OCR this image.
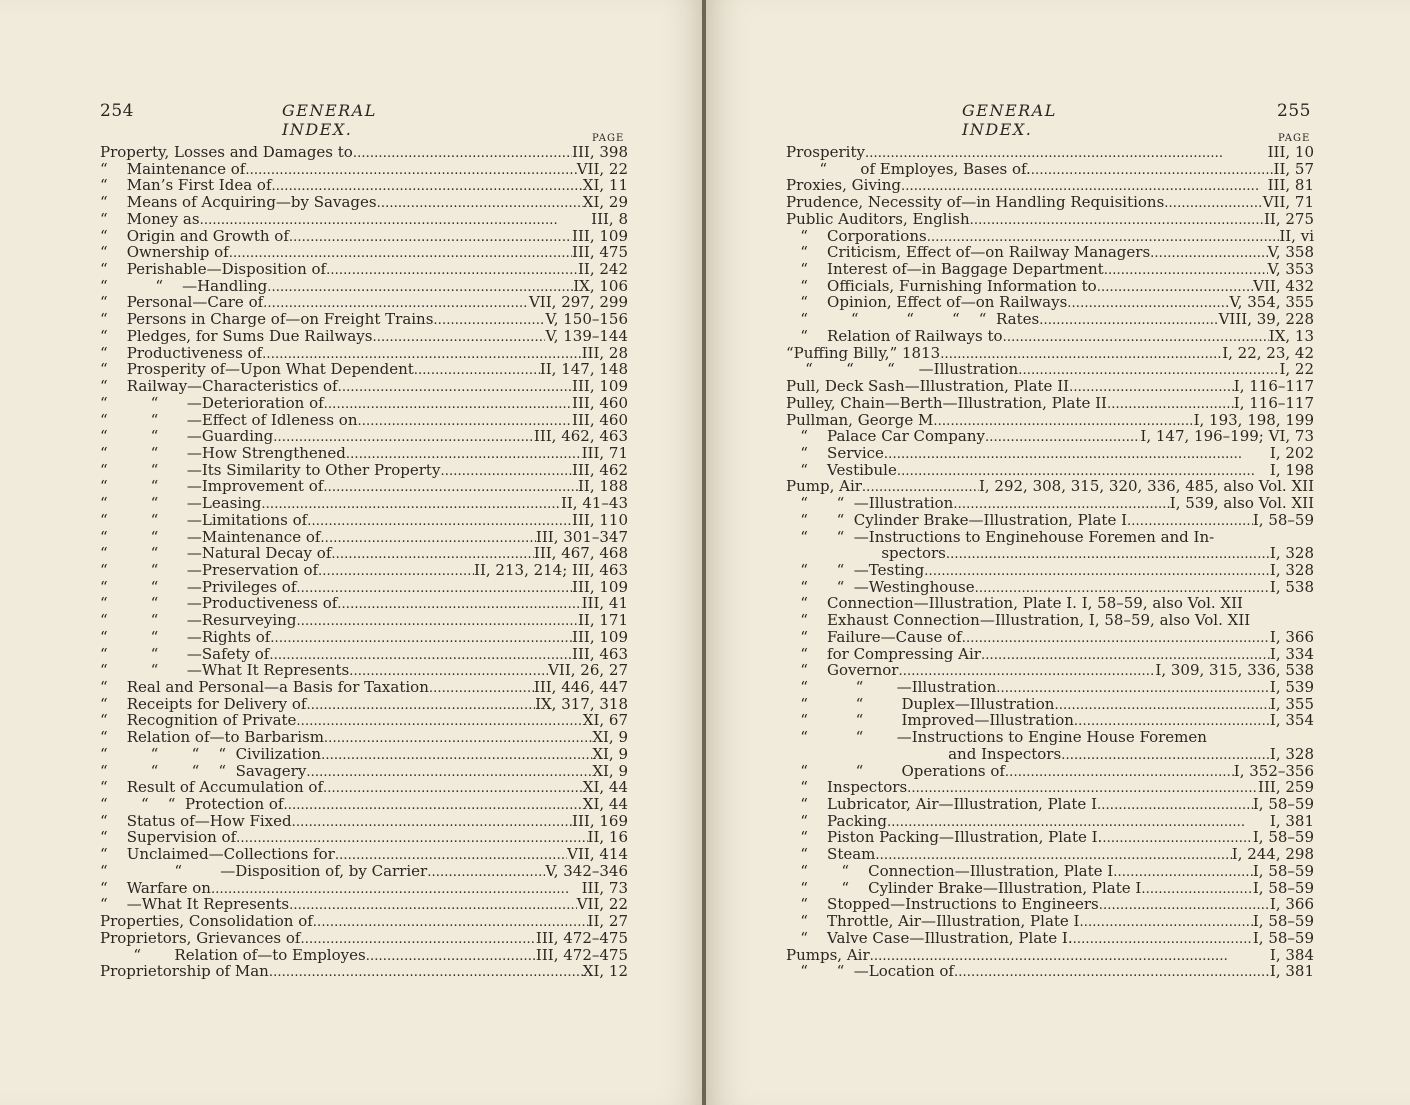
254	GENERAL INDEX.	PAGE
Property, Losses and Damages to . . .	III, 398
“    Maintenance of . . .	VII, 22
“    Man’s First Idea of . . .	XI, 11
“    Means of Acquiring—by Savages . . .	XI, 29
“    Money as . . .	III, 8
“    Origin and Growth of . . .	III, 109
“    Ownership of . . .	III, 475
“    Perishable—Disposition of . . .	II, 242
“          “    —Handling . . .	IX, 106
“    Personal—Care of . . .	VII, 297, 299
“    Persons in Charge of—on Freight Trains . . .	V, 150–156
“    Pledges, for Sums Due Railways . . .	V, 139–144
“    Productiveness of . . .	III, 28
“    Prosperity of—Upon What Dependent . . .	II, 147, 148
“    Railway—Characteristics of . . .	III, 109
“         “      —Deterioration of . . .	III, 460
“         “      —Effect of Idleness on . . .	III, 460
“         “      —Guarding . . .	III, 462, 463
“         “      —How Strengthened . . .	III, 71
“         “      —Its Similarity to Other Property . . .	III, 462
“         “      —Improvement of . . .	II, 188
“         “      —Leasing . . .	II, 41–43
“         “      —Limitations of . . .	III, 110
“         “      —Maintenance of . . .	III, 301–347
“         “      —Natural Decay of . . .	III, 467, 468
“         “      —Preservation of . . .	II, 213, 214; III, 463
“         “      —Privileges of . . .	III, 109
“         “      —Productiveness of . . .	III, 41
“         “      —Resurveying . . .	II, 171
“         “      —Rights of . . .	III, 109
“         “      —Safety of . . .	III, 463
“         “      —What It Represents . . .	VII, 26, 27
“    Real and Personal—a Basis for Taxation . . .	III, 446, 447
“    Receipts for Delivery of . . .	IX, 317, 318
“    Recognition of Private . . .	XI, 67
“    Relation of—to Barbarism . . .	XI, 9
“         “       “    “  Civilization . . .	XI, 9
“         “       “    “  Savagery . . .	XI, 9
“    Result of Accumulation of . . .	XI, 44
“       “    “  Protection of . . .	XI, 44
“    Status of—How Fixed . . .	III, 169
“    Supervision of . . .	II, 16
“    Unclaimed—Collections for . . .	VII, 414
“              “        —Disposition of, by Carrier . . .	V, 342–346
“    Warfare on . . .	III, 73
“    —What It Represents . . .	VII, 22
Properties, Consolidation of . . .	II, 27
Proprietors, Grievances of . . .	III, 472–475
“       Relation of—to Employes . . .	III, 472–475
Proprietorship of Man . . .	XI, 12
GENERAL INDEX.
255
PAGE
Prosperity . . .	III, 10
“       of Employes, Bases of. . . .	II, 57
Proxies, Giving . . .	III, 81
Prudence, Necessity of—in Handling Requisitions . . .	VII, 71
Public Auditors, English . . .	II, 275
“    Corporations . . .	II, vi
“    Criticism, Effect of—on Railway Managers . . .	V, 358
“    Interest of—in Baggage Department . . .	V, 353
“    Officials, Furnishing Information to . . .	VII, 432
“    Opinion, Effect of—on Railways . . .	V, 354, 355
“         “          “        “    “  Rates . . .	VIII, 39, 228
“    Relation of Railways to . . .	IX, 13
“Puffing Billy,” 1813 . . .	I, 22, 23, 42
“       “       “     —Illustration . . .	I, 22
Pull, Deck Sash—Illustration, Plate II . . .	I, 116–117
Pulley, Chain—Berth—Illustration, Plate II . . .	I, 116–117
Pullman, George M . . .	I, 193, 198, 199
“    Palace Car Company . . .	I, 147, 196–199; VI, 73
“    Service . . .	I, 202
“    Vestibule . . .	I, 198
Pump, Air . . .	I, 292, 308, 315, 320, 336, 485, also Vol. XII
“      “  —Illustration . . .	I, 539, also Vol. XII
“      “  Cylinder Brake—Illustration, Plate I . . .	I, 58–59
“      “  —Instructions to Enginehouse Foremen and In-
spectors . . .	I, 328
“      “  —Testing . . .	I, 328
“      “  —Westinghouse . . .	I, 538
“    Connection—Illustration, Plate I. I, 58–59, also Vol. XII
“    Exhaust Connection—Illustration, I, 58–59, also Vol. XII
“    Failure—Cause of . . .	I, 366
“    for Compressing Air . . .	I, 334
“    Governor . . .	I, 309, 315, 336, 538
“          “       —Illustration . . .	I, 539
“          “        Duplex—Illustration . . .	I, 355
“          “        Improved—Illustration . . .	I, 354
“          “       —Instructions to Engine House Foremen
and Inspectors . . .	I, 328
“          “        Operations of . . .	I, 352–356
“    Inspectors . . .	III, 259
“    Lubricator, Air—Illustration, Plate I . . .	I, 58–59
“    Packing . . .	I, 381
“    Piston Packing—Illustration, Plate I. . . .	I, 58–59
“    Steam . . .	I, 244, 298
“       “    Connection—Illustration, Plate I . . .	I, 58–59
“       “    Cylinder Brake—Illustration, Plate I . . .	I, 58–59
“    Stopped—Instructions to Engineers . . .	I, 366
“    Throttle, Air—Illustration, Plate I . . .	I, 58–59
“    Valve Case—Illustration, Plate I. . . .	I, 58–59
Pumps, Air . . .	I, 384
“      “  —Location of . . .	I, 381
